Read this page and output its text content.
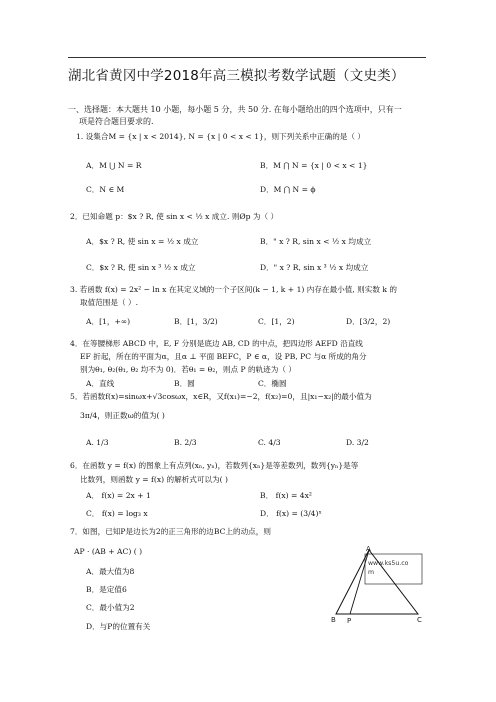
湖北省黄冈中学2018年高三模拟考数学试题（文史类）
一、选择题：本大题共 10 小题，每小题 5 分，共 50 分. 在每小题给出的四个选项中，只有一
项是符合题目要求的.
1. 设集合M = {x | x < 2014}, N = {x | 0 < x < 1}，则下列关系中正确的是（ ）
A．M ⋃ N = R	B．M ⋂ N = {x | 0 < x < 1}
C．N ∈ M	D．M ⋂ N = ϕ
2．已知命题 p：$x ? R, 使 sin x < ½ x 成立. 则Øp 为（ ）
A．$x ? R, 使 sin x = ½ x 成立	B．" x ? R, sin x < ½ x 均成立
C．$x ? R, 使 sin x ³ ½ x 成立	D．" x ? R, sin x ³ ½ x 均成立
3. 若函数 f(x) = 2x² − ln x 在其定义域的一个子区间(k − 1, k + 1) 内存在最小值, 则实数 k 的
取值范围是（ ）.
A．[1，+∞)	B．[1，3/2)	C．[1，2)	D．[3/2，2)
4．在等腰梯形 ABCD 中，E, F 分别是底边 AB, CD 的中点，把四边形 AEFD 沿直线
EF 折起，所在的平面为α，且α ⊥ 平面 BEFC，P ∈ α，设 PB, PC 与α 所成的角分
别为θ₁, θ₂(θ₁, θ₂ 均不为 0)．若θ₁ = θ₂，则点 P 的轨迹为（ ）
A．直线	B．圆	C．椭圆
5．若函数f(x)=sinωx+√3cosωx，x∈R，又f(x₁)=−2，f(x₂)=0，且|x₁−x₂|的最小值为
3π/4，则正数ω的值为( )
A. 1/3	B. 2/3	C. 4/3	D. 3/2
6．在函数 y = f(x) 的图象上有点列(xₙ, yₙ)，若数列{xₙ}是等差数列，数列{yₙ}是等
比数列，则函数 y = f(x) 的解析式可以为( )
A． f(x) = 2x + 1	B． f(x) = 4x²
C． f(x) = log₃ x	D． f(x) = (3/4)ˣ
7．如图，已知P是边长为2的正三角形的边BC上的动点，则
AP · (AB + AC) ( )
A．最大值为8
B．是定值6
C．最小值为2
D．与P的位置有关
www.ks5u.co
m
A
B P	C
